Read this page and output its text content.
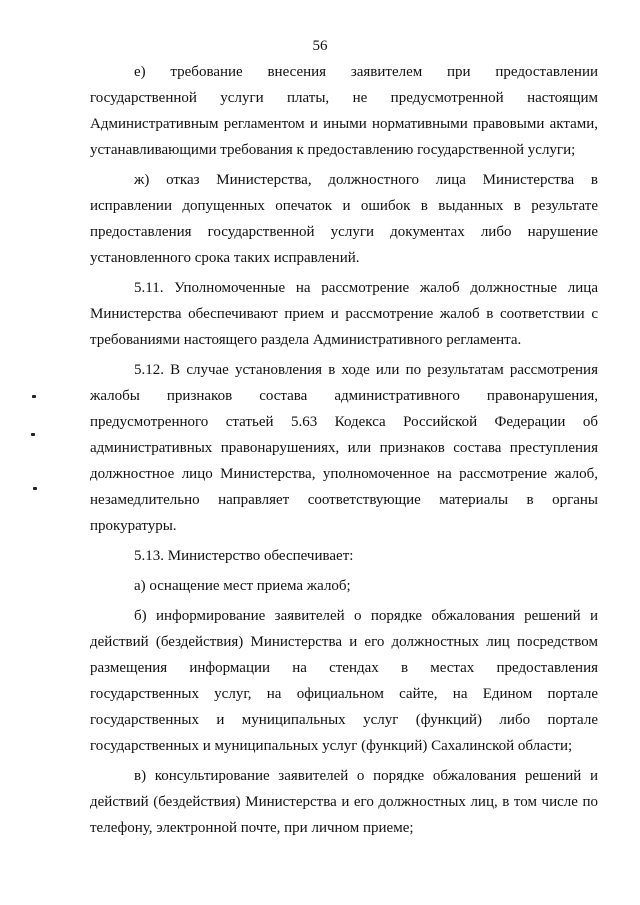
56

е) требование внесения заявителем при предоставлении государственной услуги платы, не предусмотренной настоящим Административным регламентом и иными нормативными правовыми актами, устанавливающими требования к предоставлению государственной услуги;

ж) отказ Министерства, должностного лица Министерства в исправлении допущенных опечаток и ошибок в выданных в результате предоставления государственной услуги документах либо нарушение установленного срока таких исправлений.

5.11. Уполномоченные на рассмотрение жалоб должностные лица Министерства обеспечивают прием и рассмотрение жалоб в соответствии с требованиями настоящего раздела Административного регламента.

5.12. В случае установления в ходе или по результатам рассмотрения жалобы признаков состава административного правонарушения, предусмотренного статьей 5.63 Кодекса Российской Федерации об административных правонарушениях, или признаков состава преступления должностное лицо Министерства, уполномоченное на рассмотрение жалоб, незамедлительно направляет соответствующие материалы в органы прокуратуры.

5.13. Министерство обеспечивает:

а) оснащение мест приема жалоб;

б) информирование заявителей о порядке обжалования решений и действий (бездействия) Министерства и его должностных лиц посредством размещения информации на стендах в местах предоставления государственных услуг, на официальном сайте, на Едином портале государственных и муниципальных услуг (функций) либо портале государственных и муниципальных услуг (функций) Сахалинской области;

в) консультирование заявителей о порядке обжалования решений и действий (бездействия) Министерства и его должностных лиц, в том числе по телефону, электронной почте, при личном приеме;
